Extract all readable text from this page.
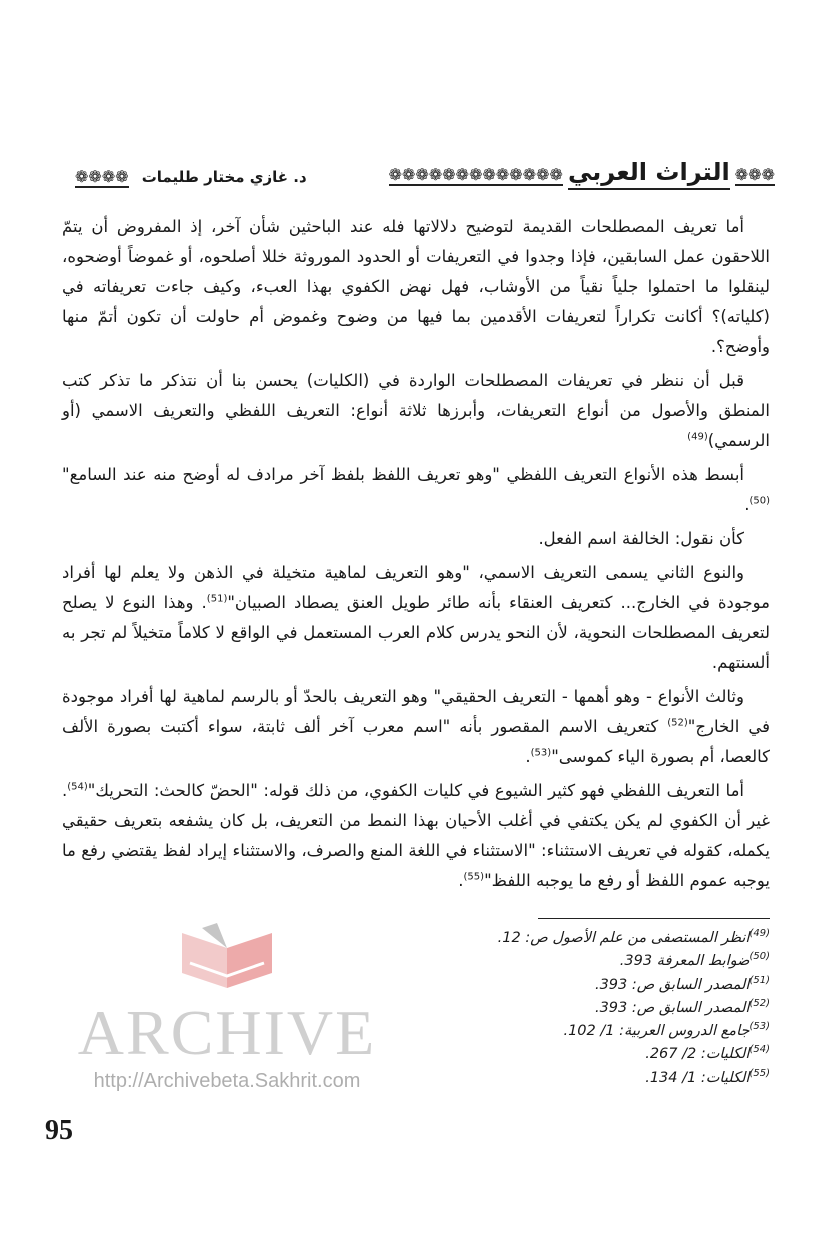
❁❁❁ التراث العربي ❁❁❁❁❁❁❁❁❁❁❁❁❁
د. غازي مختار طليمات ❁❁❁❁

أما تعريف المصطلحات القديمة لتوضيح دلالاتها فله عند الباحثين شأن آخر، إذ المفروض أن يتمّ اللاحقون عمل السابقين، فإذا وجدوا في التعريفات أو الحدود الموروثة خللا أصلحوه، أو غموضاً أوضحوه، لينقلوا ما احتملوا جلياً نقياً من الأوشاب، فهل نهض الكفوي بهذا العبء، وكيف جاءت تعريفاته في (كلياته)؟ أكانت تكراراً لتعريفات الأقدمين بما فيها من وضوح وغموض أم حاولت أن تكون أتمّ منها وأوضح؟.

قبل أن ننظر في تعريفات المصطلحات الواردة في (الكليات) يحسن بنا أن نتذكر ما تذكر كتب المنطق والأصول من أنواع التعريفات، وأبرزها ثلاثة أنواع: التعريف اللفظي والتعريف الاسمي (أو الرسمي)$^{(49)}$

أبسط هذه الأنواع التعريف اللفظي "وهو تعريف اللفظ بلفظ آخر مرادف له أوضح منه عند السامع"$^{(50)}$.

كأن نقول: الخالفة اسم الفعل.

والنوع الثاني يسمى التعريف الاسمي، "وهو التعريف لماهية متخيلة في الذهن ولا يعلم لها أفراد موجودة في الخارج... كتعريف العنقاء بأنه طائر طويل العنق يصطاد الصبيان"$^{(51)}$. وهذا النوع لا يصلح لتعريف المصطلحات النحوية، لأن النحو يدرس كلام العرب المستعمل في الواقع لا كلاماً متخيلاً لم تجر به ألسنتهم.

وثالث الأنواع - وهو أهمها - التعريف الحقيقي" وهو التعريف بالحدّ أو بالرسم لماهية لها أفراد موجودة في الخارج"$^{(52)}$ كتعريف الاسم المقصور بأنه "اسم معرب آخر ألف ثابتة، سواء أكتبت بصورة الألف كالعصا، أم بصورة الياء كموسى"$^{(53)}$.

أما التعريف اللفظي فهو كثير الشيوع في كليات الكفوي، من ذلك قوله: "الحضّ كالحث: التحريك"$^{(54)}$. غير أن الكفوي لم يكن يكتفي في أغلب الأحيان بهذا النمط من التعريف، بل كان يشفعه بتعريف حقيقي يكمله، كقوله في تعريف الاستثناء: "الاستثناء في اللغة المنع والصرف، والاستثناء إيراد لفظ يقتضي رفع ما يوجبه عموم اللفظ أو رفع ما يوجبه اللفظ"$^{(55)}$.

ARCHIVE
http://Archivebeta.Sakhrit.com
$^{(49)}$انظر المستصفى من علم الأصول ص: 12.
$^{(50)}$ضوابط المعرفة 393.
$^{(51)}$المصدر السابق ص: 393.
$^{(52)}$المصدر السابق ص: 393.
$^{(53)}$جامع الدروس العربية: 1/ 102.
$^{(54)}$الكليات: 2/ 267.
$^{(55)}$الكليات: 1/ 134.
95
